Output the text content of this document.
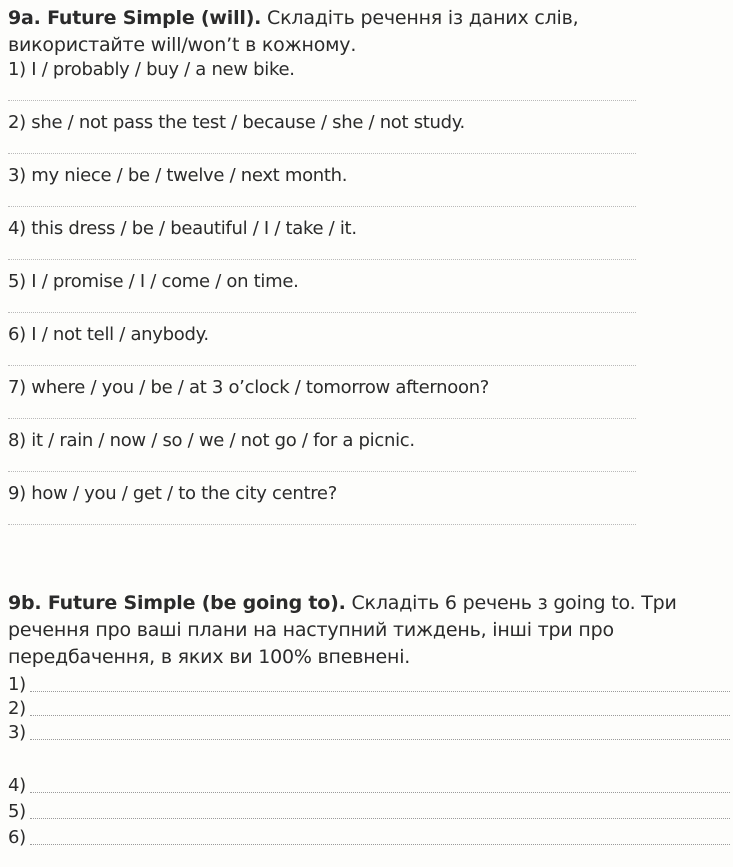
9a. Future Simple (will). Складіть речення із даних слів, використайте will/won’t в кожному.
1) I / probably / buy / a new bike.
2) she / not pass the test / because / she / not study.
3) my niece / be / twelve / next month.
4) this dress / be / beautiful / I / take / it.
5) I / promise / I / come / on time.
6) I / not tell / anybody.
7) where / you / be / at 3 o’clock / tomorrow afternoon?
8) it / rain / now / so / we / not go / for a picnic.
9) how / you / get / to the city centre?
9b. Future Simple (be going to). Складіть 6 речень з going to. Три речення про ваші плани на наступний тиждень, інші три про передбачення, в яких ви 100% впевнені.
1)
2)
3)
4)
5)
6)
